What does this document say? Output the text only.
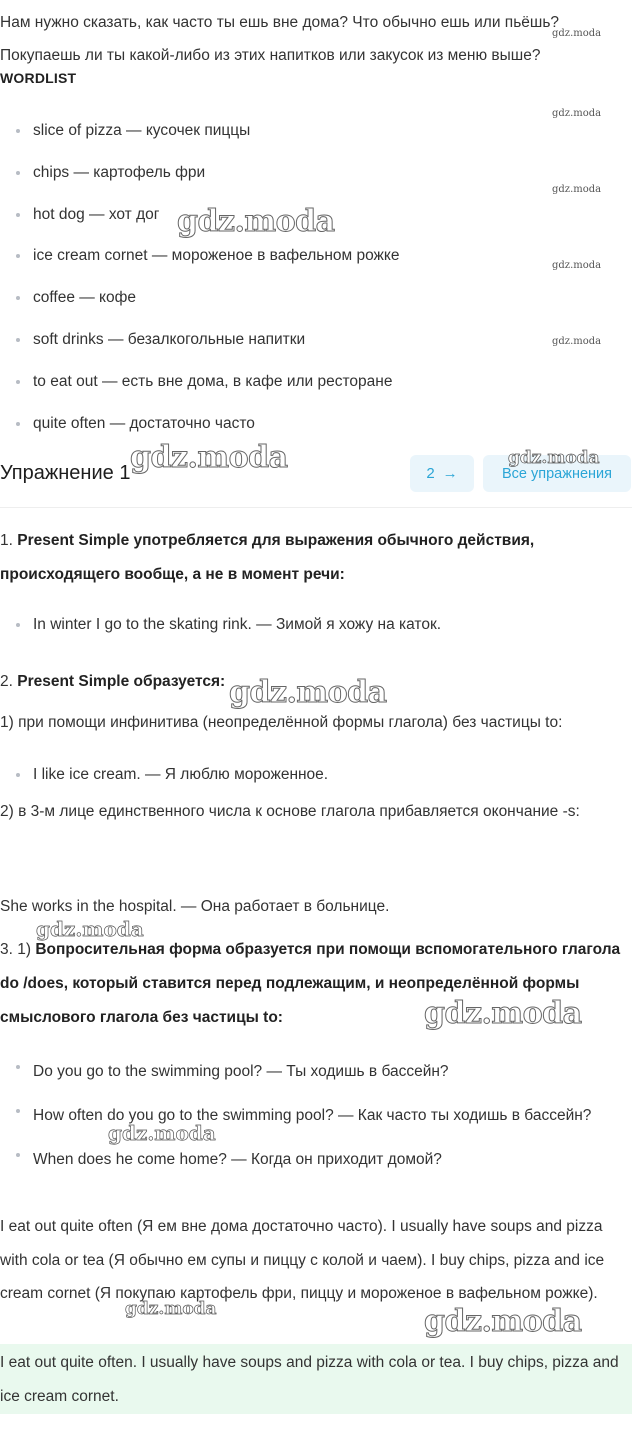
Нам нужно сказать, как часто ты ешь вне дома? Что обычно ешь или пьёшь? Покупаешь ли ты какой-либо из этих напитков или закусок из меню выше?

WORDLIST
slice of pizza — кусочек пиццы
chips — картофель фри
hot dog — хот дог
ice cream cornet — мороженое в вафельном рожке
coffee — кофе
soft drinks — безалкогольные напитки
to eat out — есть вне дома, в кафе или ресторане
quite often — достаточно часто
Упражнение 1	2 →	Все упражнения

1. Present Simple употребляется для выражения обычного действия, происходящего вообще, а не в момент речи:

In winter I go to the skating rink. — Зимой я хожу на каток.

2. Present Simple образуется:

1) при помощи инфинитива (неопределённой формы глагола) без частицы to:

I like ice cream. — Я люблю мороженное.

2) в 3-м лице единственного числа к основе глагола прибавляется окончание -s:

She works in the hospital. — Она работает в больнице.

3. 1) Вопросительная форма образуется при помощи вспомогательного глагола do /does, который ставится перед подлежащим, и неопределённой формы смыслового глагола без частицы to:

Do you go to the swimming pool? — Ты ходишь в бассейн?
How often do you go to the swimming pool? — Как часто ты ходишь в бассейн?
When does he come home? — Когда он приходит домой?

I eat out quite often (Я ем вне дома достаточно часто). I usually have soups and pizza with cola or tea (Я обычно ем супы и пиццу с колой и чаем). I buy chips, pizza and ice cream cornet (Я покупаю картофель фри, пиццу и мороженое в вафельном рожке).

I eat out quite often. I usually have soups and pizza with cola or tea. I buy chips, pizza and ice cream cornet.

gdz.moda
gdz.moda
gdz.moda
gdz.moda
gdz.moda
gdz.moda
gdz.moda	gdz.moda
gdz.moda
gdz.moda
gdz.moda
gdz.moda
gdz.moda	gdz.moda
